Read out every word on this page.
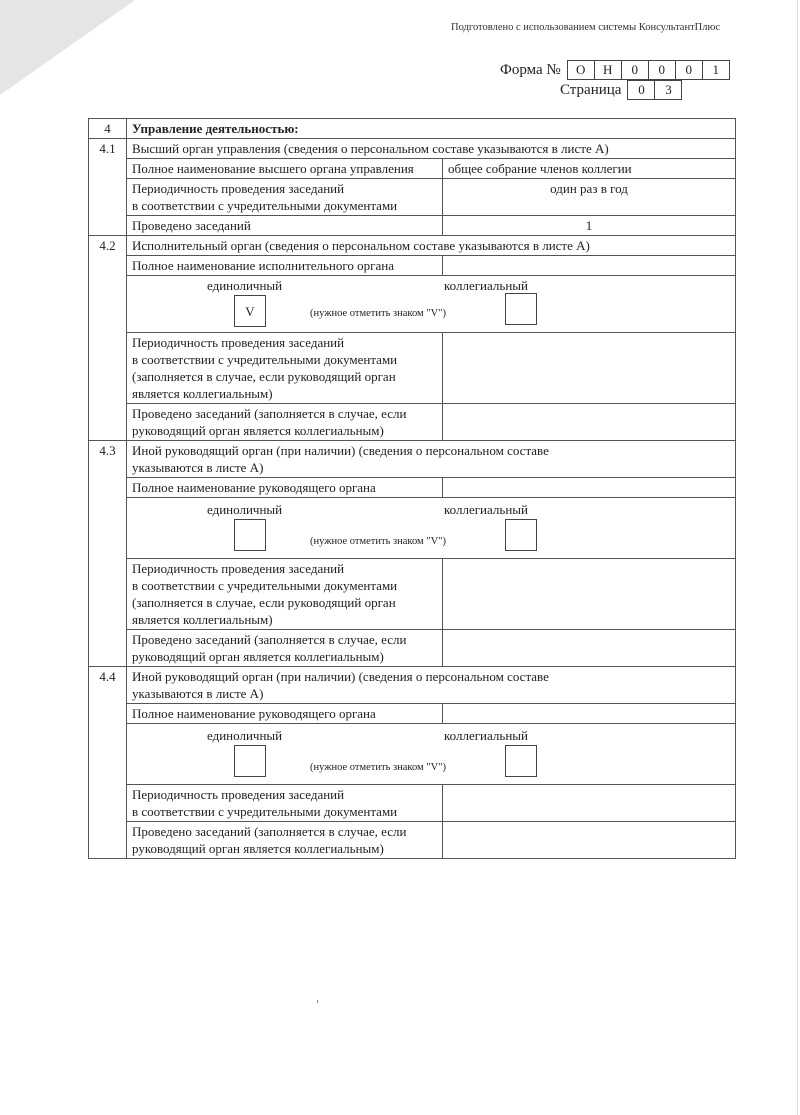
Подготовлено с использованием системы КонсультантПлюс
Форма №	О	Н	0	0	0	1
Страница	0	3
4	Управление деятельностью:	
4.1	Высший орган управления (сведения о персональном составе указываются в листе А)	
	Полное наименование высшего органа управления	общее собрание членов коллегии

	Периодичность проведения заседаний
в соответствии с учредительными документами	один раз в год
	Проведено заседаний	1
4.2	Исполнительный орган (сведения о персональном составе указываются в листе А)	
	Полное наименование исполнительного органа	

	единоличный коллегиальный
V (нужное отметить знаком "V")	

	Периодичность проведения заседаний
в соответствии с учредительными документами
(заполняется в случае, если руководящий орган
является коллегиальным)	

	Проведено заседаний (заполняется в случае, если
руководящий орган является коллегиальным)	

4.3	Иной руководящий орган (при наличии) (сведения о персональном составе
указываются в листе А)	

	Полное наименование руководящего органа	

	единоличный коллегиальный
(нужное отметить знаком "V")	

	Периодичность проведения заседаний
в соответствии с учредительными документами
(заполняется в случае, если руководящий орган
является коллегиальным)	

	Проведено заседаний (заполняется в случае, если
руководящий орган является коллегиальным)	

4.4	Иной руководящий орган (при наличии) (сведения о персональном составе
указываются в листе А)	

	Полное наименование руководящего органа	

	единоличный коллегиальный
(нужное отметить знаком "V")	

	Периодичность проведения заседаний
в соответствии с учредительными документами	

	Проведено заседаний (заполняется в случае, если
руководящий орган является коллегиальным)	
